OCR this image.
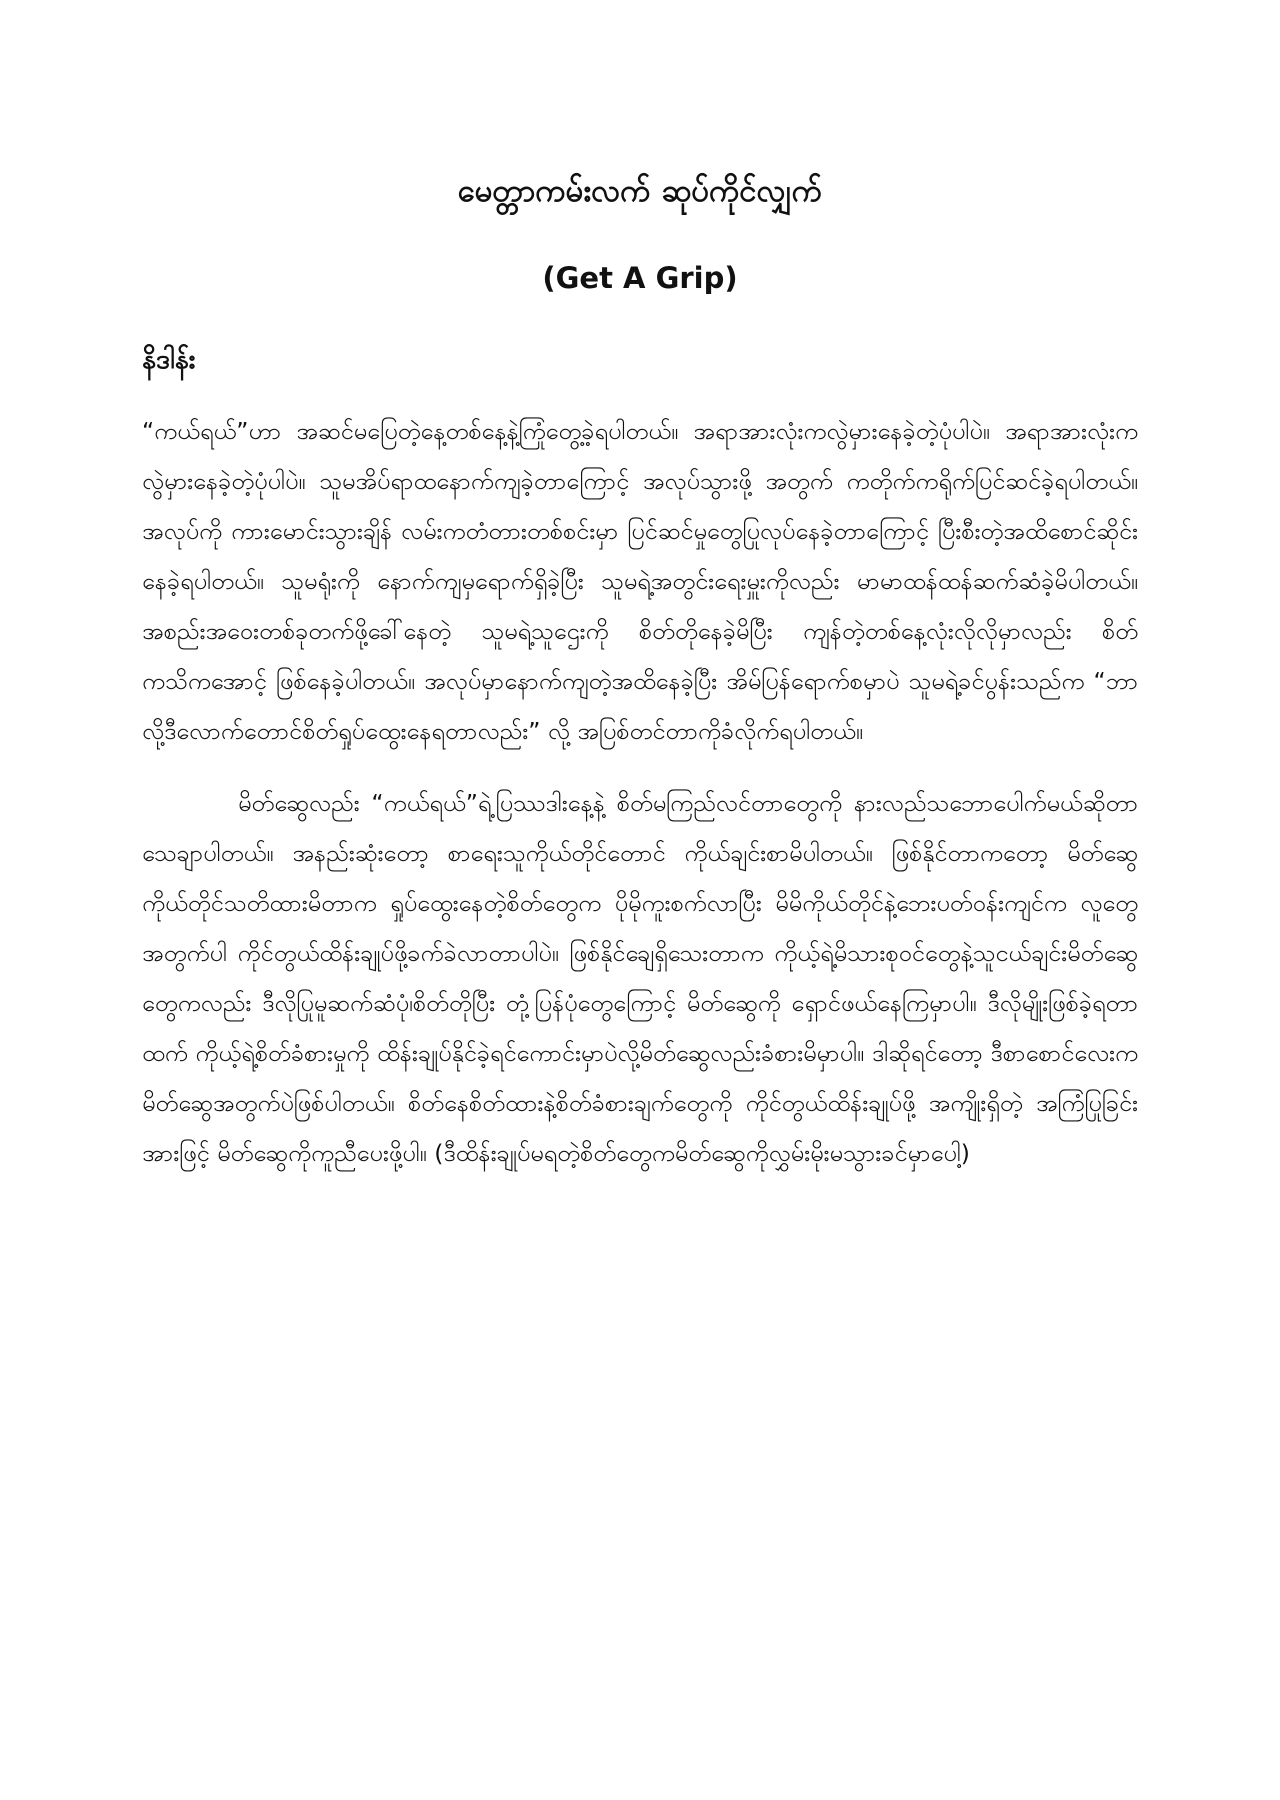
မေတ္တာကမ်းလက် ဆုပ်ကိုင်လျှက်
(Get A Grip)
နိဒါန်း

“ကယ်ရယ်”ဟာ အဆင်မပြေတဲ့နေ့တစ်နေ့နဲ့ကြုံတွေ့ခဲ့ရပါတယ်။ အရာအားလုံးကလွဲမှားနေခဲ့တဲ့ပုံပါပဲ။ အရာအားလုံးက လွဲမှားနေခဲ့တဲ့ပုံပါပဲ။ သူမအိပ်ရာထနောက်ကျခဲ့တာကြောင့် အလုပ်သွားဖို့ အတွက် ကတိုက်ကရိုက်ပြင်ဆင်ခဲ့ရပါတယ်။ အလုပ်ကို ကားမောင်းသွားချိန် လမ်းကတံတားတစ်စင်းမှာ ပြင်ဆင်မှုတွေပြုလုပ်နေခဲ့တာကြောင့် ပြီးစီးတဲ့အထိစောင်ဆိုင်းနေခဲ့ရပါတယ်။ သူမရုံးကို နောက်ကျမှရောက်ရှိခဲ့ပြီး သူမရဲ့အတွင်းရေးမှူးကိုလည်း မာမာထန်ထန်ဆက်ဆံခဲ့မိပါတယ်။ အစည်းအဝေးတစ်ခုတက်ဖို့ခေါ်နေတဲ့ သူမရဲ့သူဌေးကို စိတ်တိုနေခဲ့မိပြီး ကျန်တဲ့တစ်နေ့လုံးလိုလိုမှာလည်း စိတ်ကသိကအောင့် ဖြစ်နေခဲ့ပါတယ်။ အလုပ်မှာနောက်ကျတဲ့အထိနေခဲ့ပြီး အိမ်ပြန်ရောက်စမှာပဲ သူမရဲ့ခင်ပွန်းသည်က “ဘာလို့ဒီလောက်တောင်စိတ်ရှုပ်ထွေးနေရတာလည်း” လို့ အပြစ်တင်တာကိုခံလိုက်ရပါတယ်။

မိတ်ဆွေလည်း “ကယ်ရယ်”ရဲ့ပြဿဒါးနေ့နဲ့ စိတ်မကြည်လင်တာတွေကို နားလည်သဘောပေါက်မယ်ဆိုတာ သေချာပါတယ်။ အနည်းဆုံးတော့ စာရေးသူကိုယ်တိုင်တောင် ကိုယ်ချင်းစာမိပါတယ်။ ဖြစ်နိုင်တာကတော့ မိတ်ဆွေကိုယ်တိုင်သတိထားမိတာက ရှုပ်ထွေးနေတဲ့စိတ်တွေက ပိုမိုကူးစက်လာပြီး မိမိကိုယ်တိုင်နဲ့ဘေးပတ်ဝန်းကျင်က လူတွေအတွက်ပါ ကိုင်တွယ်ထိန်းချုပ်ဖို့ခက်ခဲလာတာပါပဲ။ ဖြစ်နိုင်ချေရှိသေးတာက ကိုယ့်ရဲ့မိသားစုဝင်တွေနဲ့သူငယ်ချင်းမိတ်ဆွေတွေကလည်း ဒီလိုပြုမူဆက်ဆံပုံ၊စိတ်တိုပြီး တုံ့ပြန်ပုံတွေကြောင့် မိတ်ဆွေကို ရှောင်ဖယ်နေကြမှာပါ။ ဒီလိုမျိုးဖြစ်ခဲ့ရတာထက် ကိုယ့်ရဲ့စိတ်ခံစားမှုကို ထိန်းချုပ်နိုင်ခဲ့ရင်ကောင်းမှာပဲလို့မိတ်ဆွေလည်းခံစားမိမှာပါ။ ဒါဆိုရင်တော့ ဒီစာစောင်လေးကမိတ်ဆွေအတွက်ပဲဖြစ်ပါတယ်။ စိတ်နေစိတ်ထားနဲ့စိတ်ခံစားချက်တွေကို ကိုင်တွယ်ထိန်းချုပ်ဖို့ အကျိုးရှိတဲ့ အကြံပြုခြင်းအားဖြင့် မိတ်ဆွေကိုကူညီပေးဖို့ပါ။ (ဒီထိန်းချုပ်မရတဲ့စိတ်တွေကမိတ်ဆွေကိုလွှမ်းမိုးမသွားခင်မှာပေါ့)
